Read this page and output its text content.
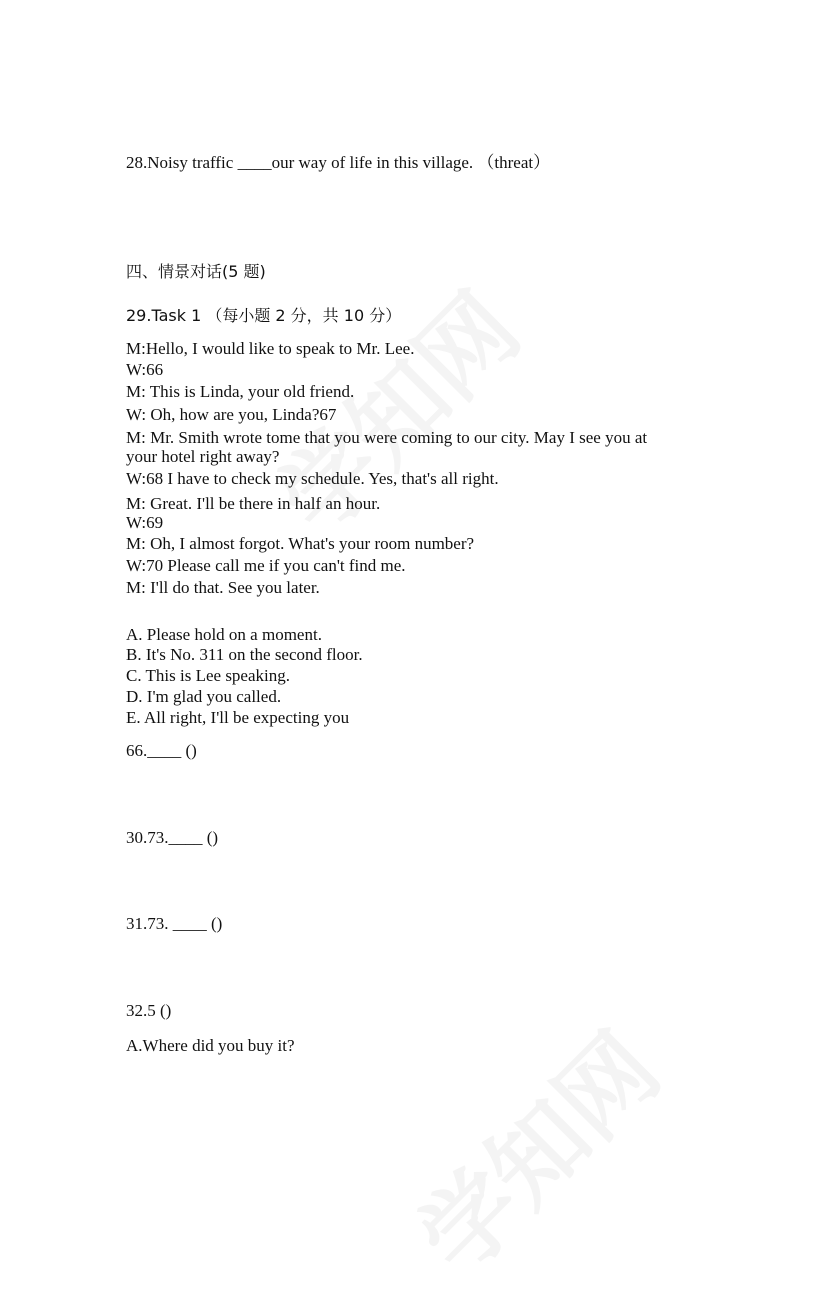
28.Noisy traffic ____our way of life in this village. （threat）
四、情景对话(5 题)
29.Task 1 （每小题 2 分，共 10 分）
M:Hello, I would like to speak to Mr. Lee.
W:66
M: This is Linda, your old friend.
W: Oh, how are you, Linda?67
M: Mr. Smith wrote tome that you were coming to our city. May I see you at
your hotel right away?
W:68 I have to check my schedule. Yes, that's all right.
M: Great. I'll be there in half an hour.
W:69
M: Oh, I almost forgot. What's your room number?
W:70 Please call me if you can't find me.
M: I'll do that. See you later.
A. Please hold on a moment.
B. It's No. 311 on the second floor.
C. This is Lee speaking.
D. I'm glad you called.
E. All right, I'll be expecting you
66.____ ()
30.73.____ ()
31.73. ____ ()
32.5 ()
A.Where did you buy it?
